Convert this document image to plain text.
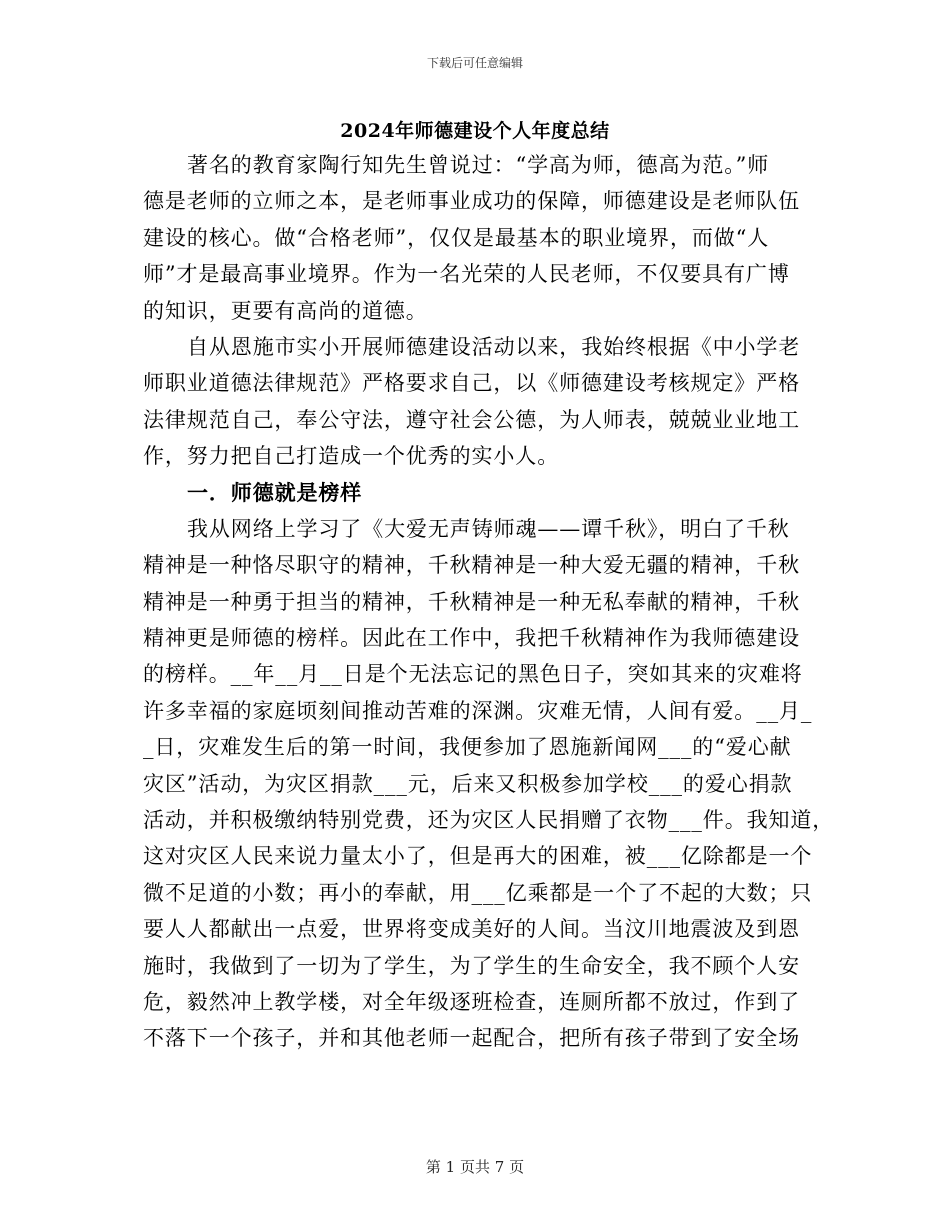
下载后可任意编辑
2024年师德建设个人年度总结
著名的教育家陶行知先生曾说过：“学高为师，德高为范。”师
德是老师的立师之本，是老师事业成功的保障，师德建设是老师队伍
建设的核心。做“合格老师”，仅仅是最基本的职业境界，而做“人
师”才是最高事业境界。作为一名光荣的人民老师，不仅要具有广博
的知识，更要有高尚的道德。
自从恩施市实小开展师德建设活动以来，我始终根据《中小学老
师职业道德法律规范》严格要求自己，以《师德建设考核规定》严格
法律规范自己，奉公守法，遵守社会公德，为人师表，兢兢业业地工
作，努力把自己打造成一个优秀的实小人。
一．师德就是榜样
我从网络上学习了《大爱无声铸师魂——谭千秋》，明白了千秋
精神是一种恪尽职守的精神，千秋精神是一种大爱无疆的精神，千秋
精神是一种勇于担当的精神，千秋精神是一种无私奉献的精神，千秋
精神更是师德的榜样。因此在工作中，我把千秋精神作为我师德建设
的榜样。__年__月__日是个无法忘记的黑色日子，突如其来的灾难将
许多幸福的家庭顷刻间推动苦难的深渊。灾难无情，人间有爱。__月_
_日，灾难发生后的第一时间，我便参加了恩施新闻网___的“爱心献
灾区”活动，为灾区捐款___元，后来又积极参加学校___的爱心捐款
活动，并积极缴纳特别党费，还为灾区人民捐赠了衣物___件。我知道，
这对灾区人民来说力量太小了，但是再大的困难，被___亿除都是一个
微不足道的小数；再小的奉献，用___亿乘都是一个了不起的大数；只
要人人都献出一点爱，世界将变成美好的人间。当汶川地震波及到恩
施时，我做到了一切为了学生，为了学生的生命安全，我不顾个人安
危，毅然冲上教学楼，对全年级逐班检查，连厕所都不放过，作到了
不落下一个孩子，并和其他老师一起配合，把所有孩子带到了安全场
第 1 页共 7 页
